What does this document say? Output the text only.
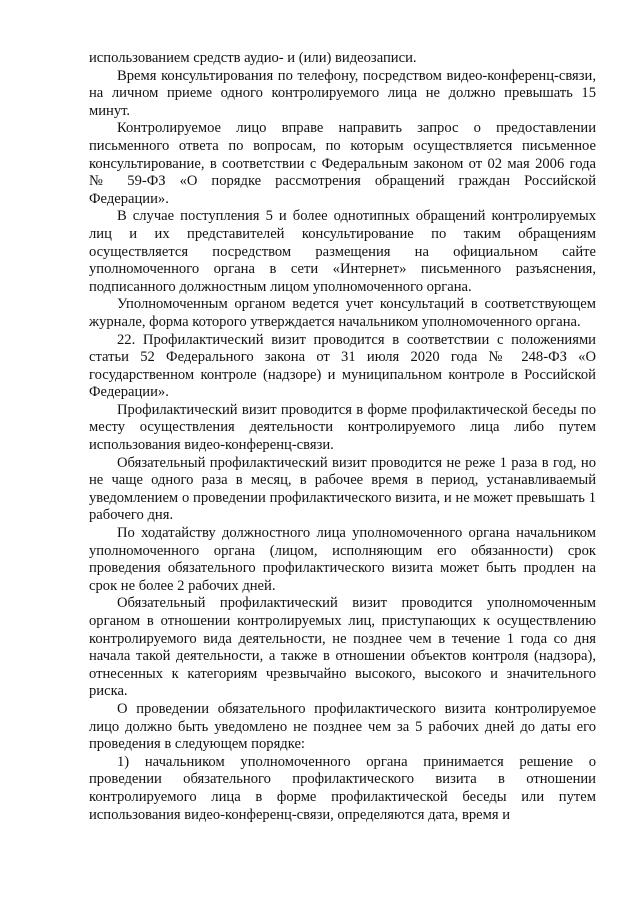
использованием средств аудио- и (или) видеозаписи.

Время консультирования по телефону, посредством видео-конференц-связи, на личном приеме одного контролируемого лица не должно превышать 15 минут.

Контролируемое лицо вправе направить запрос о предоставлении письменного ответа по вопросам, по которым осуществляется письменное консультирование, в соответствии с Федеральным законом от 02 мая 2006 года № 59-ФЗ «О порядке рассмотрения обращений граждан Российской Федерации».

В случае поступления 5 и более однотипных обращений контролируемых лиц и их представителей консультирование по таким обращениям осуществляется посредством размещения на официальном сайте уполномоченного органа в сети «Интернет» письменного разъяснения, подписанного должностным лицом уполномоченного органа.

Уполномоченным органом ведется учет консультаций в соответствующем журнале, форма которого утверждается начальником уполномоченного органа.

22. Профилактический визит проводится в соответствии с положениями статьи 52 Федерального закона от 31 июля 2020 года № 248-ФЗ «О государственном контроле (надзоре) и муниципальном контроле в Российской Федерации».

Профилактический визит проводится в форме профилактической беседы по месту осуществления деятельности контролируемого лица либо путем использования видео-конференц-связи.

Обязательный профилактический визит проводится не реже 1 раза в год, но не чаще одного раза в месяц, в рабочее время в период, устанавливаемый уведомлением о проведении профилактического визита, и не может превышать 1 рабочего дня.

По ходатайству должностного лица уполномоченного органа начальником уполномоченного органа (лицом, исполняющим его обязанности) срок проведения обязательного профилактического визита может быть продлен на срок не более 2 рабочих дней.

Обязательный профилактический визит проводится уполномоченным органом в отношении контролируемых лиц, приступающих к осуществлению контролируемого вида деятельности, не позднее чем в течение 1 года со дня начала такой деятельности, а также в отношении объектов контроля (надзора), отнесенных к категориям чрезвычайно высокого, высокого и значительного риска.

О проведении обязательного профилактического визита контролируемое лицо должно быть уведомлено не позднее чем за 5 рабочих дней до даты его проведения в следующем порядке:

1) начальником уполномоченного органа принимается решение о проведении обязательного профилактического визита в отношении контролируемого лица в форме профилактической беседы или путем использования видео-конференц-связи, определяются дата, время и
